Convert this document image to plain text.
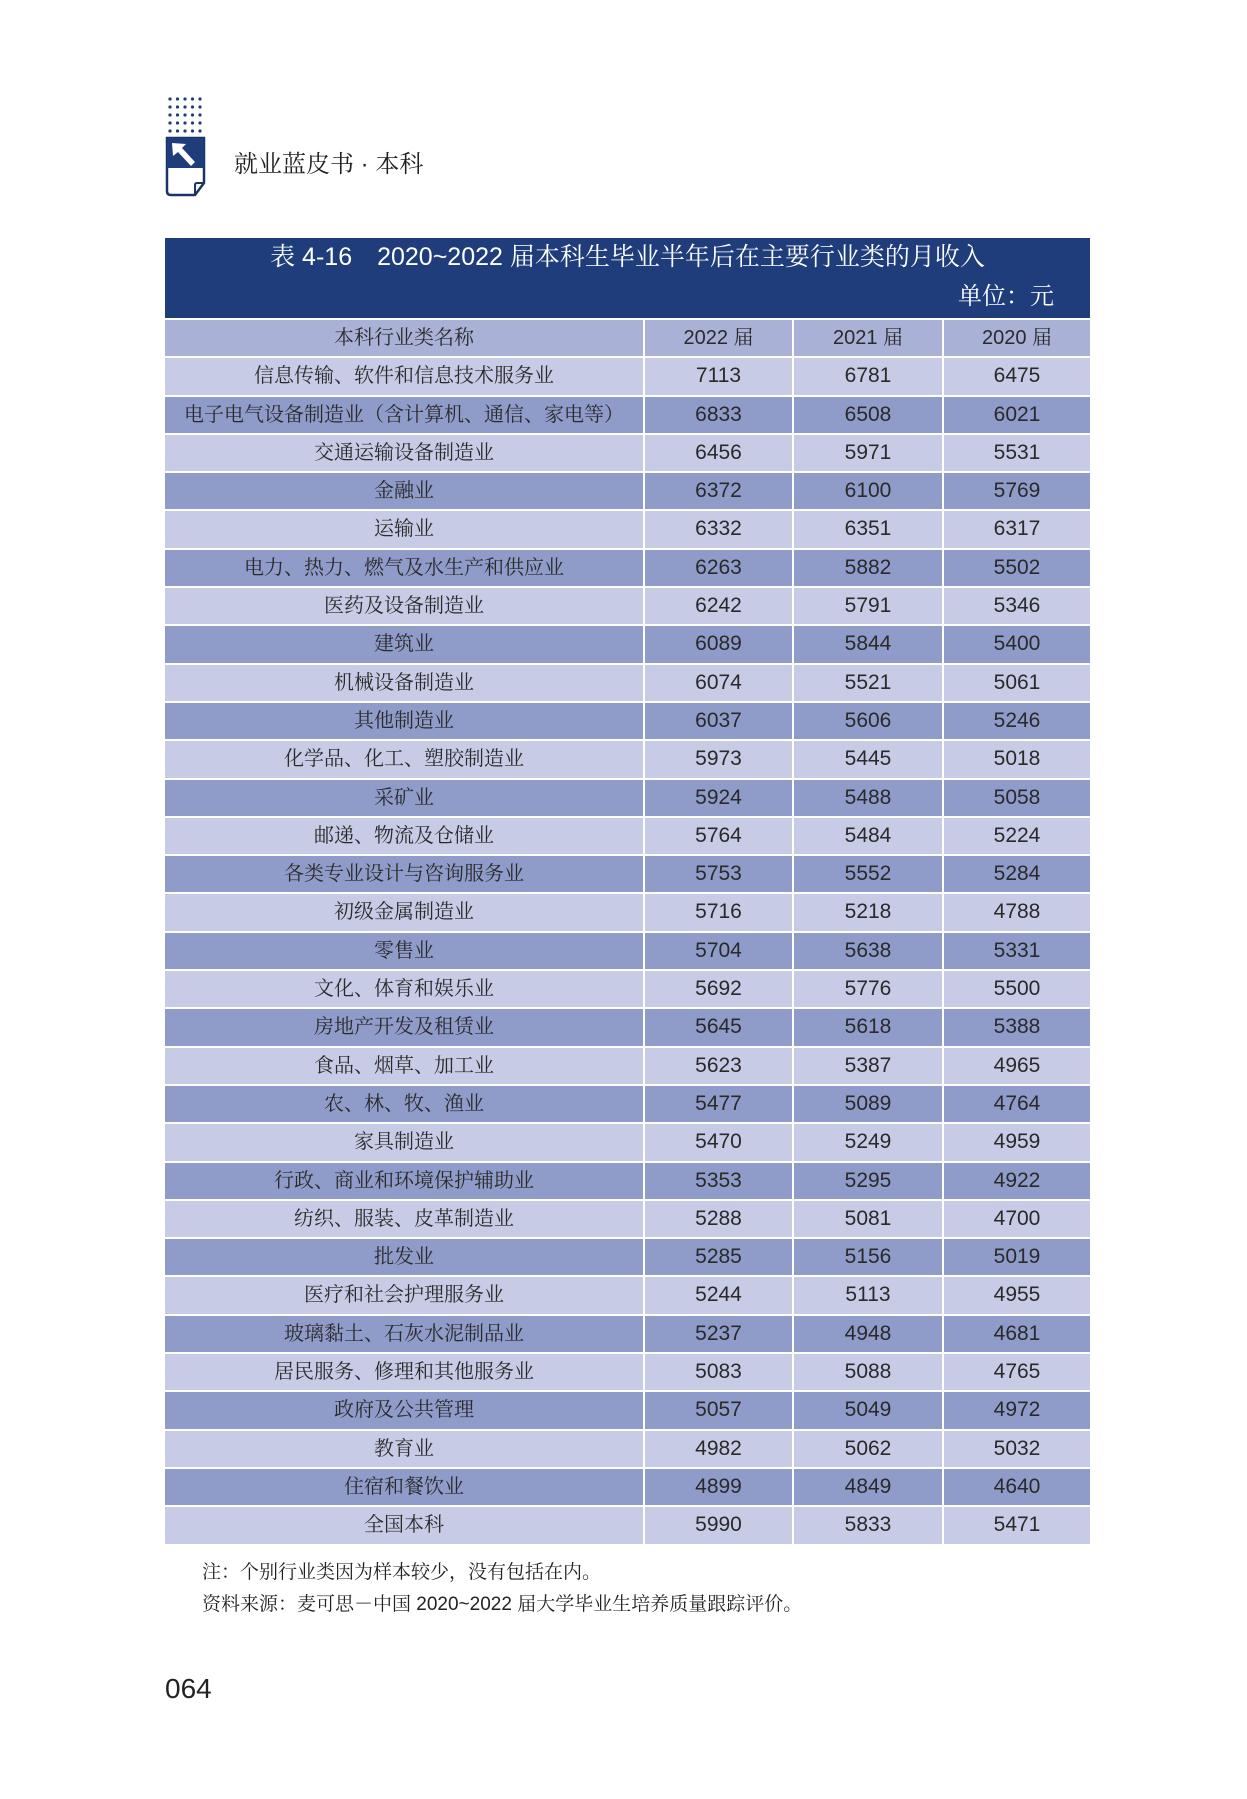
就业蓝皮书 · 本科
表 4-16　2020~2022 届本科生毕业半年后在主要行业类的月收入
单位：元
本科行业类名称	2022 届	2021 届	2020 届
信息传输、软件和信息技术服务业	7113	6781	6475
电子电气设备制造业（含计算机、通信、家电等）	6833	6508	6021
交通运输设备制造业	6456	5971	5531
金融业	6372	6100	5769
运输业	6332	6351	6317
电力、热力、燃气及水生产和供应业	6263	5882	5502
医药及设备制造业	6242	5791	5346
建筑业	6089	5844	5400
机械设备制造业	6074	5521	5061
其他制造业	6037	5606	5246
化学品、化工、塑胶制造业	5973	5445	5018
采矿业	5924	5488	5058
邮递、物流及仓储业	5764	5484	5224
各类专业设计与咨询服务业	5753	5552	5284
初级金属制造业	5716	5218	4788
零售业	5704	5638	5331
文化、体育和娱乐业	5692	5776	5500
房地产开发及租赁业	5645	5618	5388
食品、烟草、加工业	5623	5387	4965
农、林、牧、渔业	5477	5089	4764
家具制造业	5470	5249	4959
行政、商业和环境保护辅助业	5353	5295	4922
纺织、服装、皮革制造业	5288	5081	4700
批发业	5285	5156	5019
医疗和社会护理服务业	5244	5113	4955
玻璃黏土、石灰水泥制品业	5237	4948	4681
居民服务、修理和其他服务业	5083	5088	4765
政府及公共管理	5057	5049	4972
教育业	4982	5062	5032
住宿和餐饮业	4899	4849	4640
全国本科	5990	5833	5471
注：个别行业类因为样本较少，没有包括在内。
资料来源：麦可思－中国 2020~2022 届大学毕业生培养质量跟踪评价。
064
